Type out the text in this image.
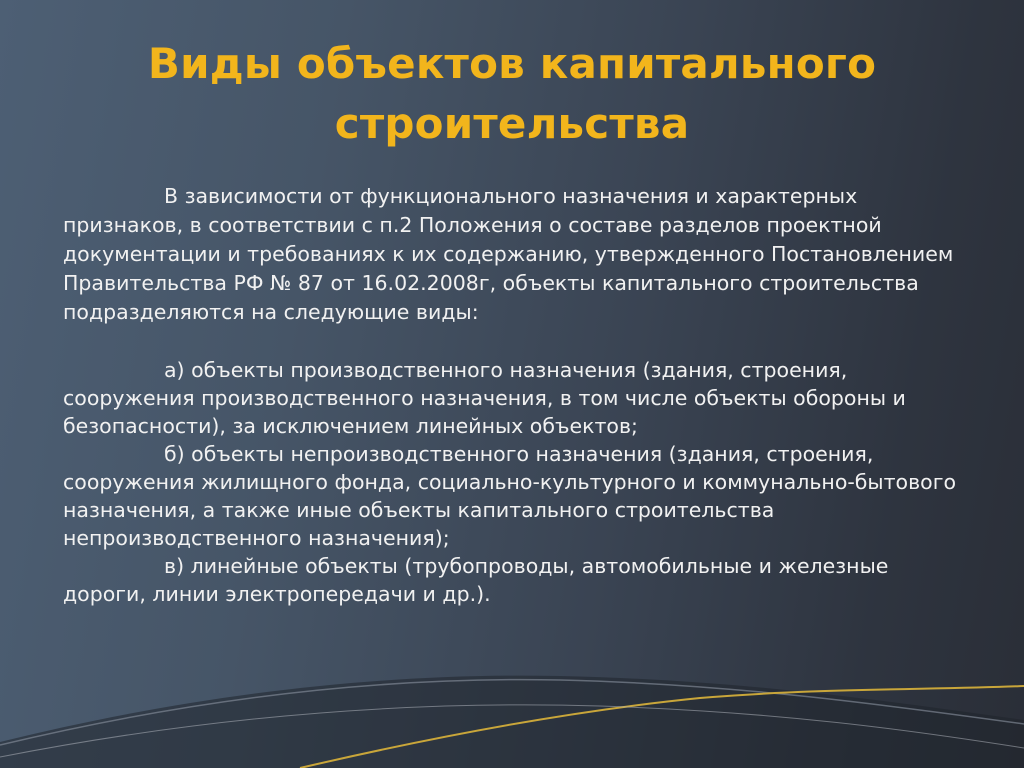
Виды объектов капитального
строительства

В зависимости от функционального назначения и характерных признаков, в соответствии с п.2 Положения о составе разделов проектной документации и требованиях к их содержанию, утвержденного Постановлением Правительства РФ № 87 от 16.02.2008г, объекты капитального строительства подразделяются на следующие виды:

а) объекты производственного назначения (здания, строения, сооружения производственного назначения, в том числе объекты обороны и безопасности), за исключением линейных объектов;

б) объекты непроизводственного назначения (здания, строения, сооружения жилищного фонда, социально-культурного и коммунально-бытового назначения, а также иные объекты капитального строительства непроизводственного назначения);

в) линейные объекты (трубопроводы, автомобильные и железные дороги, линии электропередачи и др.).
